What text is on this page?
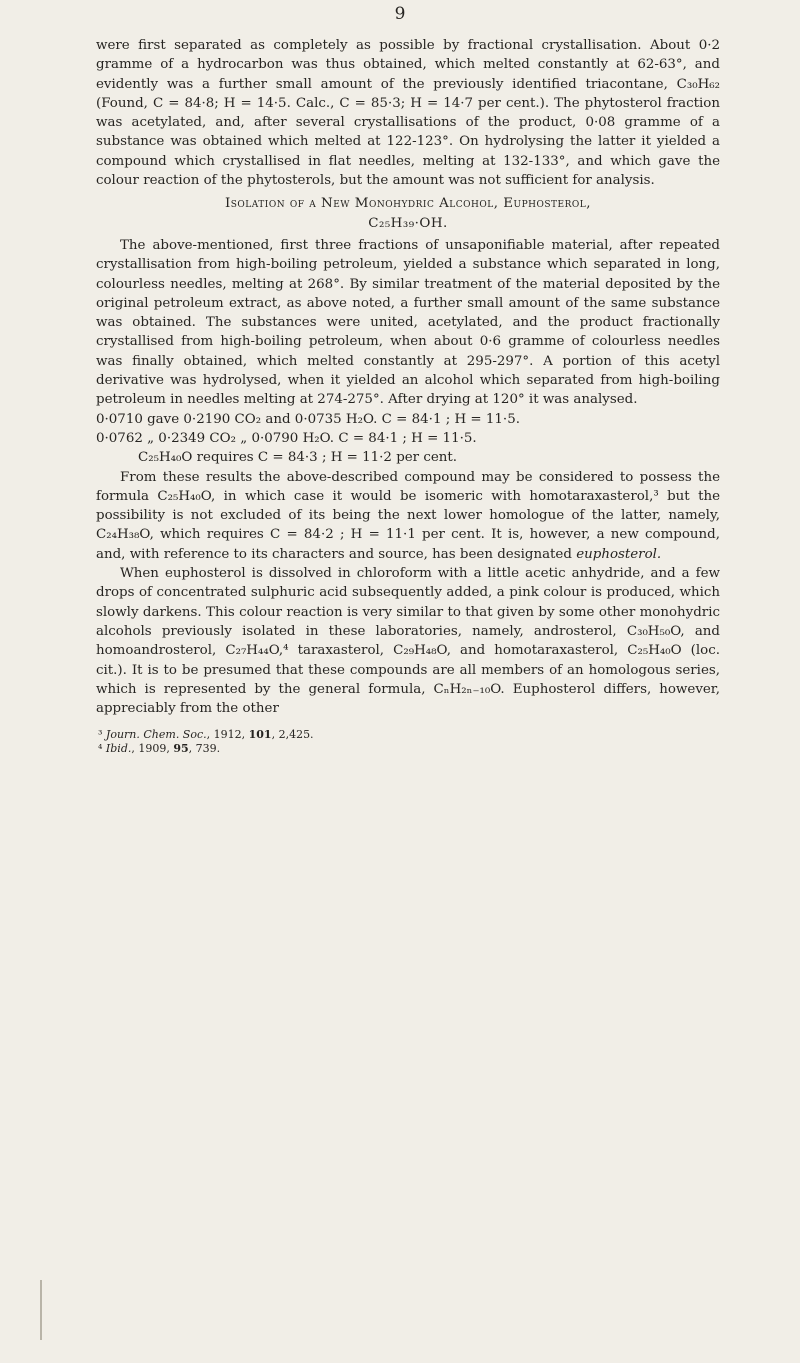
9

were first separated as completely as possible by fractional crystallisation. About 0·2 gramme of a hydrocarbon was thus obtained, which melted constantly at 62-63°, and evidently was a further small amount of the previously identified triacontane, C₃₀H₆₂ (Found, C = 84·8; H = 14·5. Calc., C = 85·3; H = 14·7 per cent.). The phytosterol fraction was acetylated, and, after several crystallisations of the product, 0·08 gramme of a substance was obtained which melted at 122-123°. On hydrolysing the latter it yielded a compound which crystallised in flat needles, melting at 132-133°, and which gave the colour reaction of the phytosterols, but the amount was not sufficient for analysis.

Isolation of a New Monohydric Alcohol, Euphosterol,
C₂₅H₃₉·OH.

The above-mentioned, first three fractions of unsaponifiable material, after repeated crystallisation from high-boiling petroleum, yielded a substance which separated in long, colourless needles, melting at 268°. By similar treatment of the material deposited by the original petroleum extract, as above noted, a further small amount of the same substance was obtained. The substances were united, acetylated, and the product fractionally crystallised from high-boiling petroleum, when about 0·6 gramme of colourless needles was finally obtained, which melted constantly at 295-297°. A portion of this acetyl derivative was hydrolysed, when it yielded an alcohol which separated from high-boiling petroleum in needles melting at 274-275°. After drying at 120° it was analysed.

0·0710 gave 0·2190 CO₂ and 0·0735 H₂O. C = 84·1 ; H = 11·5.
0·0762 „ 0·2349 CO₂ „ 0·0790 H₂O. C = 84·1 ; H = 11·5.
C₂₅H₄₀O requires C = 84·3 ; H = 11·2 per cent.

From these results the above-described compound may be considered to possess the formula C₂₅H₄₀O, in which case it would be isomeric with homotaraxasterol,³ but the possibility is not excluded of its being the next lower homologue of the latter, namely, C₂₄H₃₈O, which requires C = 84·2 ; H = 11·1 per cent. It is, however, a new compound, and, with reference to its characters and source, has been designated euphosterol.

When euphosterol is dissolved in chloroform with a little acetic anhydride, and a few drops of concentrated sulphuric acid subsequently added, a pink colour is produced, which slowly darkens. This colour reaction is very similar to that given by some other monohydric alcohols previously isolated in these laboratories, namely, androsterol, C₃₀H₅₀O, and homoandrosterol, C₂₇H₄₄O,⁴ taraxasterol, C₂₉H₄₈O, and homotaraxasterol, C₂₅H₄₀O (loc. cit.). It is to be presumed that these compounds are all members of an homologous series, which is represented by the general formula, CₙH₂ₙ₋₁₀O. Euphosterol differs, however, appreciably from the other

³ Journ. Chem. Soc., 1912, 101, 2,425.
⁴ Ibid., 1909, 95, 739.
